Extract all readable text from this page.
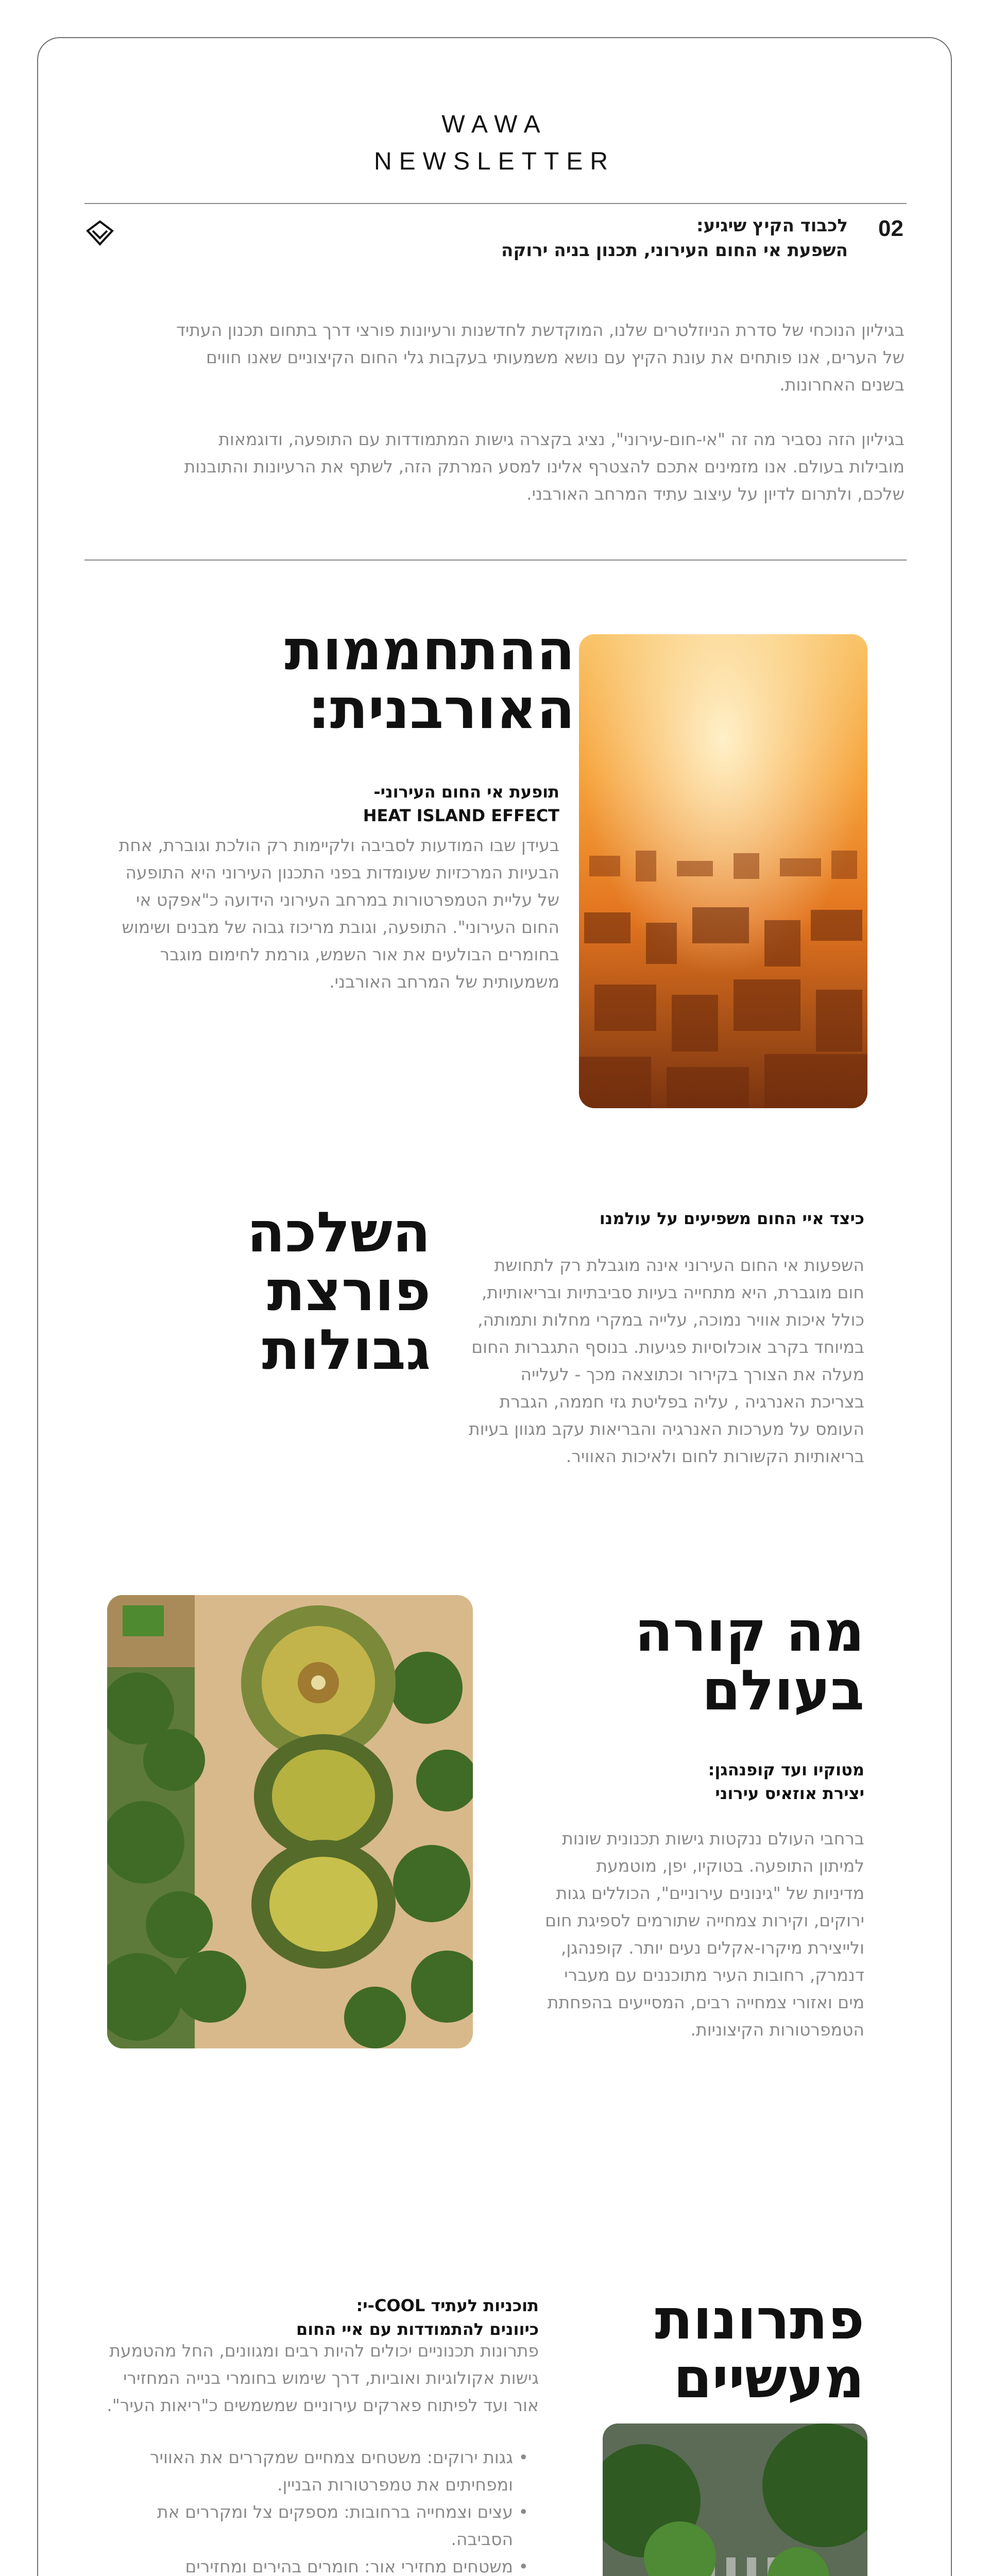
WAWA
NEWSLETTER
02
לכבוד הקיץ שיגיע:
השפעת אי החום העירוני, תכנון בניה ירוקה

בגיליון הנוכחי של סדרת הניוזלטרים שלנו, המוקדשת לחדשנות ורעיונות פורצי דרך בתחום תכנון העתיד של הערים, אנו פותחים את עונת הקיץ עם נושא משמעותי בעקבות גלי החום הקיצוניים שאנו חווים בשנים האחרונות.

בגיליון הזה נסביר מה זה "אי-חום-עירוני", נציג בקצרה גישות המתמודדות עם התופעה, ודוגמאות מובילות בעולם. אנו מזמינים אתכם להצטרף אלינו למסע המרתק הזה, לשתף את הרעיונות והתובנות שלכם, ולתרום לדיון על עיצוב עתיד המרחב האורבני.

ההתחממות
האורבנית:
תופעת אי החום העירוני-
HEAT ISLAND EFFECT
בעידן שבו המודעות לסביבה ולקיימות רק הולכת וגוברת, אחת הבעיות המרכזיות שעומדות בפני התכנון העירוני היא התופעה של עליית הטמפרטורות במרחב העירוני הידועה כ"אפקט אי החום העירוני". התופעה, וגובת מריכוז גבוה של מבנים ושימוש בחומרים הבולעים את אור השמש, גורמת לחימום מוגבר משמעותית של המרחב האורבני.
השלכה
פורצת
גבולות
כיצד איי החום משפיעים על עולמנו
השפעות אי החום העירוני אינה מוגבלת רק לתחושת חום מוגברת, היא מתחייה בעיות סביבתיות ובריאותיות, כולל איכות אוויר נמוכה, עלייה במקרי מחלות ותמותה, במיוחד בקרב אוכלוסיות פגיעות. בנוסף התגברות החום מעלה את הצורך בקירור וכתוצאה מכך - לעלייה בצריכת האנרגיה , עליה בפליטת גזי חממה, הגברת העומס על מערכות האנרגיה והבריאות עקב מגוון בעיות בריאותיות הקשורות לחום ולאיכות האוויר.
מה קורה
בעולם
מטוקיו ועד קופנהגן:
יצירת אוזאיס עירוני
ברחבי העולם ננקטות גישות תכנונית שונות למיתון התופעה. בטוקיו, יפן, מוטמעת מדיניות של "גינונים עירוניים", הכוללים גגות ירוקים, וקירות צמחייה שתורמים לספיגת חום ולייצירת מיקרו-אקלים נעים יותר. קופנהגן, דנמרק, רחובות העיר מתוכננים עם מעברי מים ואזורי צמחייה רבים, המסייעים בהפחתת הטמפרטורות הקיצוניות.
פתרונות
מעשיים
תוכניות לעתיד COOL-י:
כיוונים להתמודדות עם איי החום

פתרונות תכנוניים יכולים להיות רבים ומגוונים, החל מהטמעת גישות אקולוגיות ואוביות, דרך שימוש בחומרי בנייה המחזירי אור ועד לפיתוח פארקים עירוניים שמשמשים כ"ריאות העיר".

• גגות ירוקים: משטחים צמחיים שמקררים את האוויר ומפחיתים את טמפרטורות הבניין.
• עצים וצמחייה ברחובות: מספקים צל ומקררים את הסביבה.
• משטחים מחזירי אור: חומרים בהירים ומחזירים
